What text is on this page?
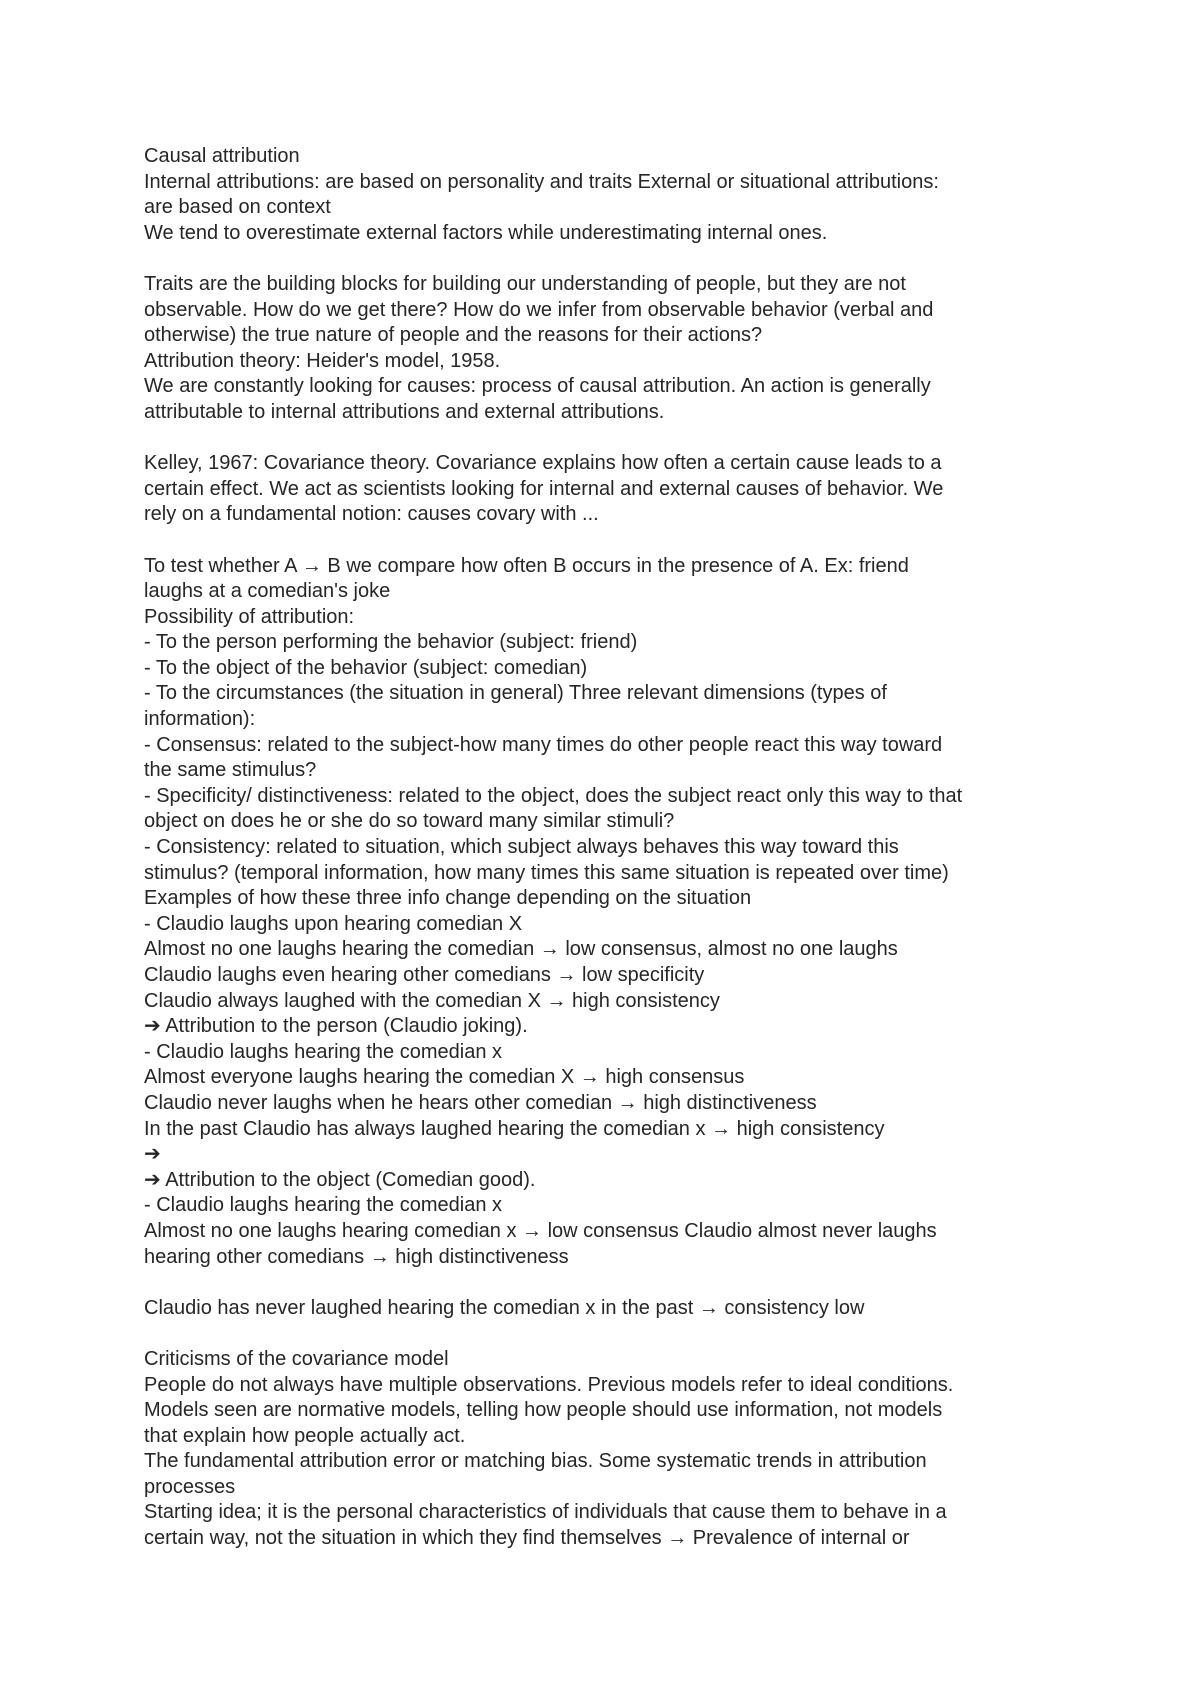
Causal attribution
Internal attributions: are based on personality and traits External or situational attributions:
are based on context
We tend to overestimate external factors while underestimating internal ones.
Traits are the building blocks for building our understanding of people, but they are not
observable. How do we get there? How do we infer from observable behavior (verbal and
otherwise) the true nature of people and the reasons for their actions?
Attribution theory: Heider's model, 1958.
We are constantly looking for causes: process of causal attribution. An action is generally
attributable to internal attributions and external attributions.
Kelley, 1967: Covariance theory. Covariance explains how often a certain cause leads to a
certain effect. We act as scientists looking for internal and external causes of behavior. We
rely on a fundamental notion: causes covary with ...
To test whether A → B we compare how often B occurs in the presence of A. Ex: friend
laughs at a comedian's joke
Possibility of attribution:
- To the person performing the behavior (subject: friend)
- To the object of the behavior (subject: comedian)
- To the circumstances (the situation in general) Three relevant dimensions (types of
information):
- Consensus: related to the subject-how many times do other people react this way toward
the same stimulus?
- Specificity/ distinctiveness: related to the object, does the subject react only this way to that
object on does he or she do so toward many similar stimuli?
- Consistency: related to situation, which subject always behaves this way toward this
stimulus? (temporal information, how many times this same situation is repeated over time)
Examples of how these three info change depending on the situation
- Claudio laughs upon hearing comedian X
Almost no one laughs hearing the comedian → low consensus, almost no one laughs
Claudio laughs even hearing other comedians → low specificity
Claudio always laughed with the comedian X → high consistency
➔ Attribution to the person (Claudio joking).
- Claudio laughs hearing the comedian x
Almost everyone laughs hearing the comedian X → high consensus
Claudio never laughs when he hears other comedian → high distinctiveness
In the past Claudio has always laughed hearing the comedian x → high consistency
➔
➔ Attribution to the object (Comedian good).
- Claudio laughs hearing the comedian x
Almost no one laughs hearing comedian x → low consensus Claudio almost never laughs
hearing other comedians → high distinctiveness
Claudio has never laughed hearing the comedian x in the past → consistency low
Criticisms of the covariance model
People do not always have multiple observations. Previous models refer to ideal conditions.
Models seen are normative models, telling how people should use information, not models
that explain how people actually act.
The fundamental attribution error or matching bias. Some systematic trends in attribution
processes
Starting idea; it is the personal characteristics of individuals that cause them to behave in a
certain way, not the situation in which they find themselves → Prevalence of internal or
